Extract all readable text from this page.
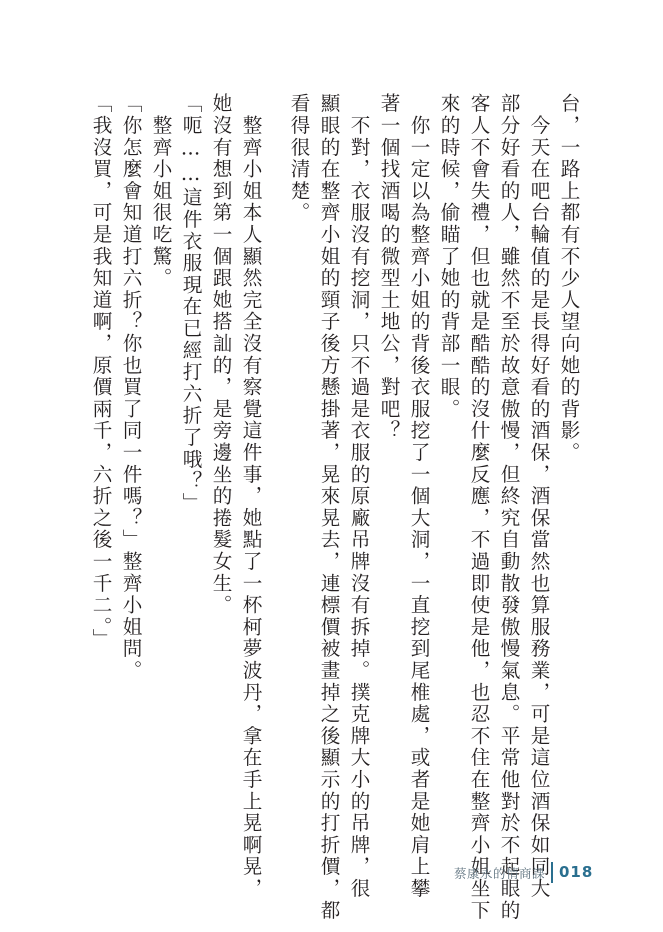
台，一路上都有不少人望向她的背影。
　今天在吧台輪值的是長得好看的酒保，酒保當然也算服務業，可是這位酒保如同大
部分好看的人，雖然不至於故意傲慢，但終究自動散發傲慢氣息。平常他對於不起眼的
客人不會失禮，但也就是酷酷的沒什麼反應，不過即使是他，也忍不住在整齊小姐坐下
來的時候，偷瞄了她的背部一眼。
　你一定以為整齊小姐的背後衣服挖了一個大洞，一直挖到尾椎處，或者是她肩上攀
著一個找酒喝的微型土地公，對吧？
　不對，衣服沒有挖洞，只不過是衣服的原廠吊牌沒有拆掉。撲克牌大小的吊牌，很
顯眼的在整齊小姐的頸子後方懸掛著，晃來晃去，連標價被畫掉之後顯示的打折價，都
看得很清楚。
　整齊小姐本人顯然完全沒有察覺這件事，她點了一杯柯夢波丹，拿在手上晃啊晃，
她沒有想到第一個跟她搭訕的，是旁邊坐的捲髮女生。
「呃……這件衣服現在已經打六折了哦？」
　整齊小姐很吃驚。
「你怎麼會知道打六折？你也買了同一件嗎？」整齊小姐問。
「我沒買，可是我知道啊，原價兩千，六折之後一千二。」
蔡康永的情商課 018
